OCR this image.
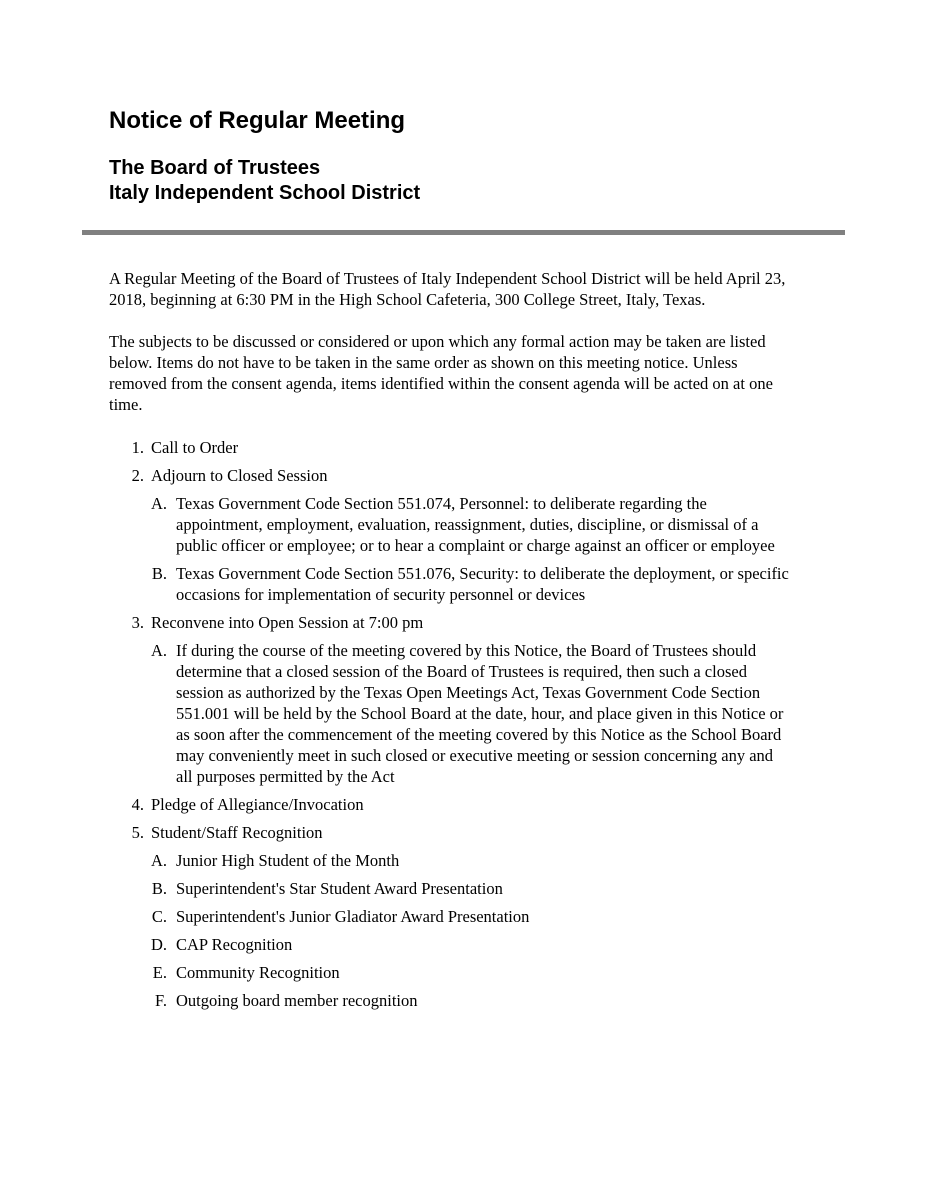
Notice of Regular Meeting
The Board of Trustees
Italy Independent School District

A Regular Meeting of the Board of Trustees of Italy Independent School District will be held April 23, 2018, beginning at 6:30 PM in the High School Cafeteria, 300 College Street, Italy, Texas.

The subjects to be discussed or considered or upon which any formal action may be taken are listed below. Items do not have to be taken in the same order as shown on this meeting notice. Unless removed from the consent agenda, items identified within the consent agenda will be acted on at one time.

1. Call to Order
2. Adjourn to Closed Session
A. Texas Government Code Section 551.074, Personnel: to deliberate regarding the appointment, employment, evaluation, reassignment, duties, discipline, or dismissal of a public officer or employee; or to hear a complaint or charge against an officer or employee
B. Texas Government Code Section 551.076, Security: to deliberate the deployment, or specific occasions for implementation of security personnel or devices
3. Reconvene into Open Session at 7:00 pm
A. If during the course of the meeting covered by this Notice, the Board of Trustees should determine that a closed session of the Board of Trustees is required, then such a closed session as authorized by the Texas Open Meetings Act, Texas Government Code Section 551.001 will be held by the School Board at the date, hour, and place given in this Notice or as soon after the commencement of the meeting covered by this Notice as the School Board may conveniently meet in such closed or executive meeting or session concerning any and all purposes permitted by the Act
4. Pledge of Allegiance/Invocation
5. Student/Staff Recognition
A. Junior High Student of the Month
B. Superintendent's Star Student Award Presentation
C. Superintendent's Junior Gladiator Award Presentation
D. CAP Recognition
E. Community Recognition
F. Outgoing board member recognition
